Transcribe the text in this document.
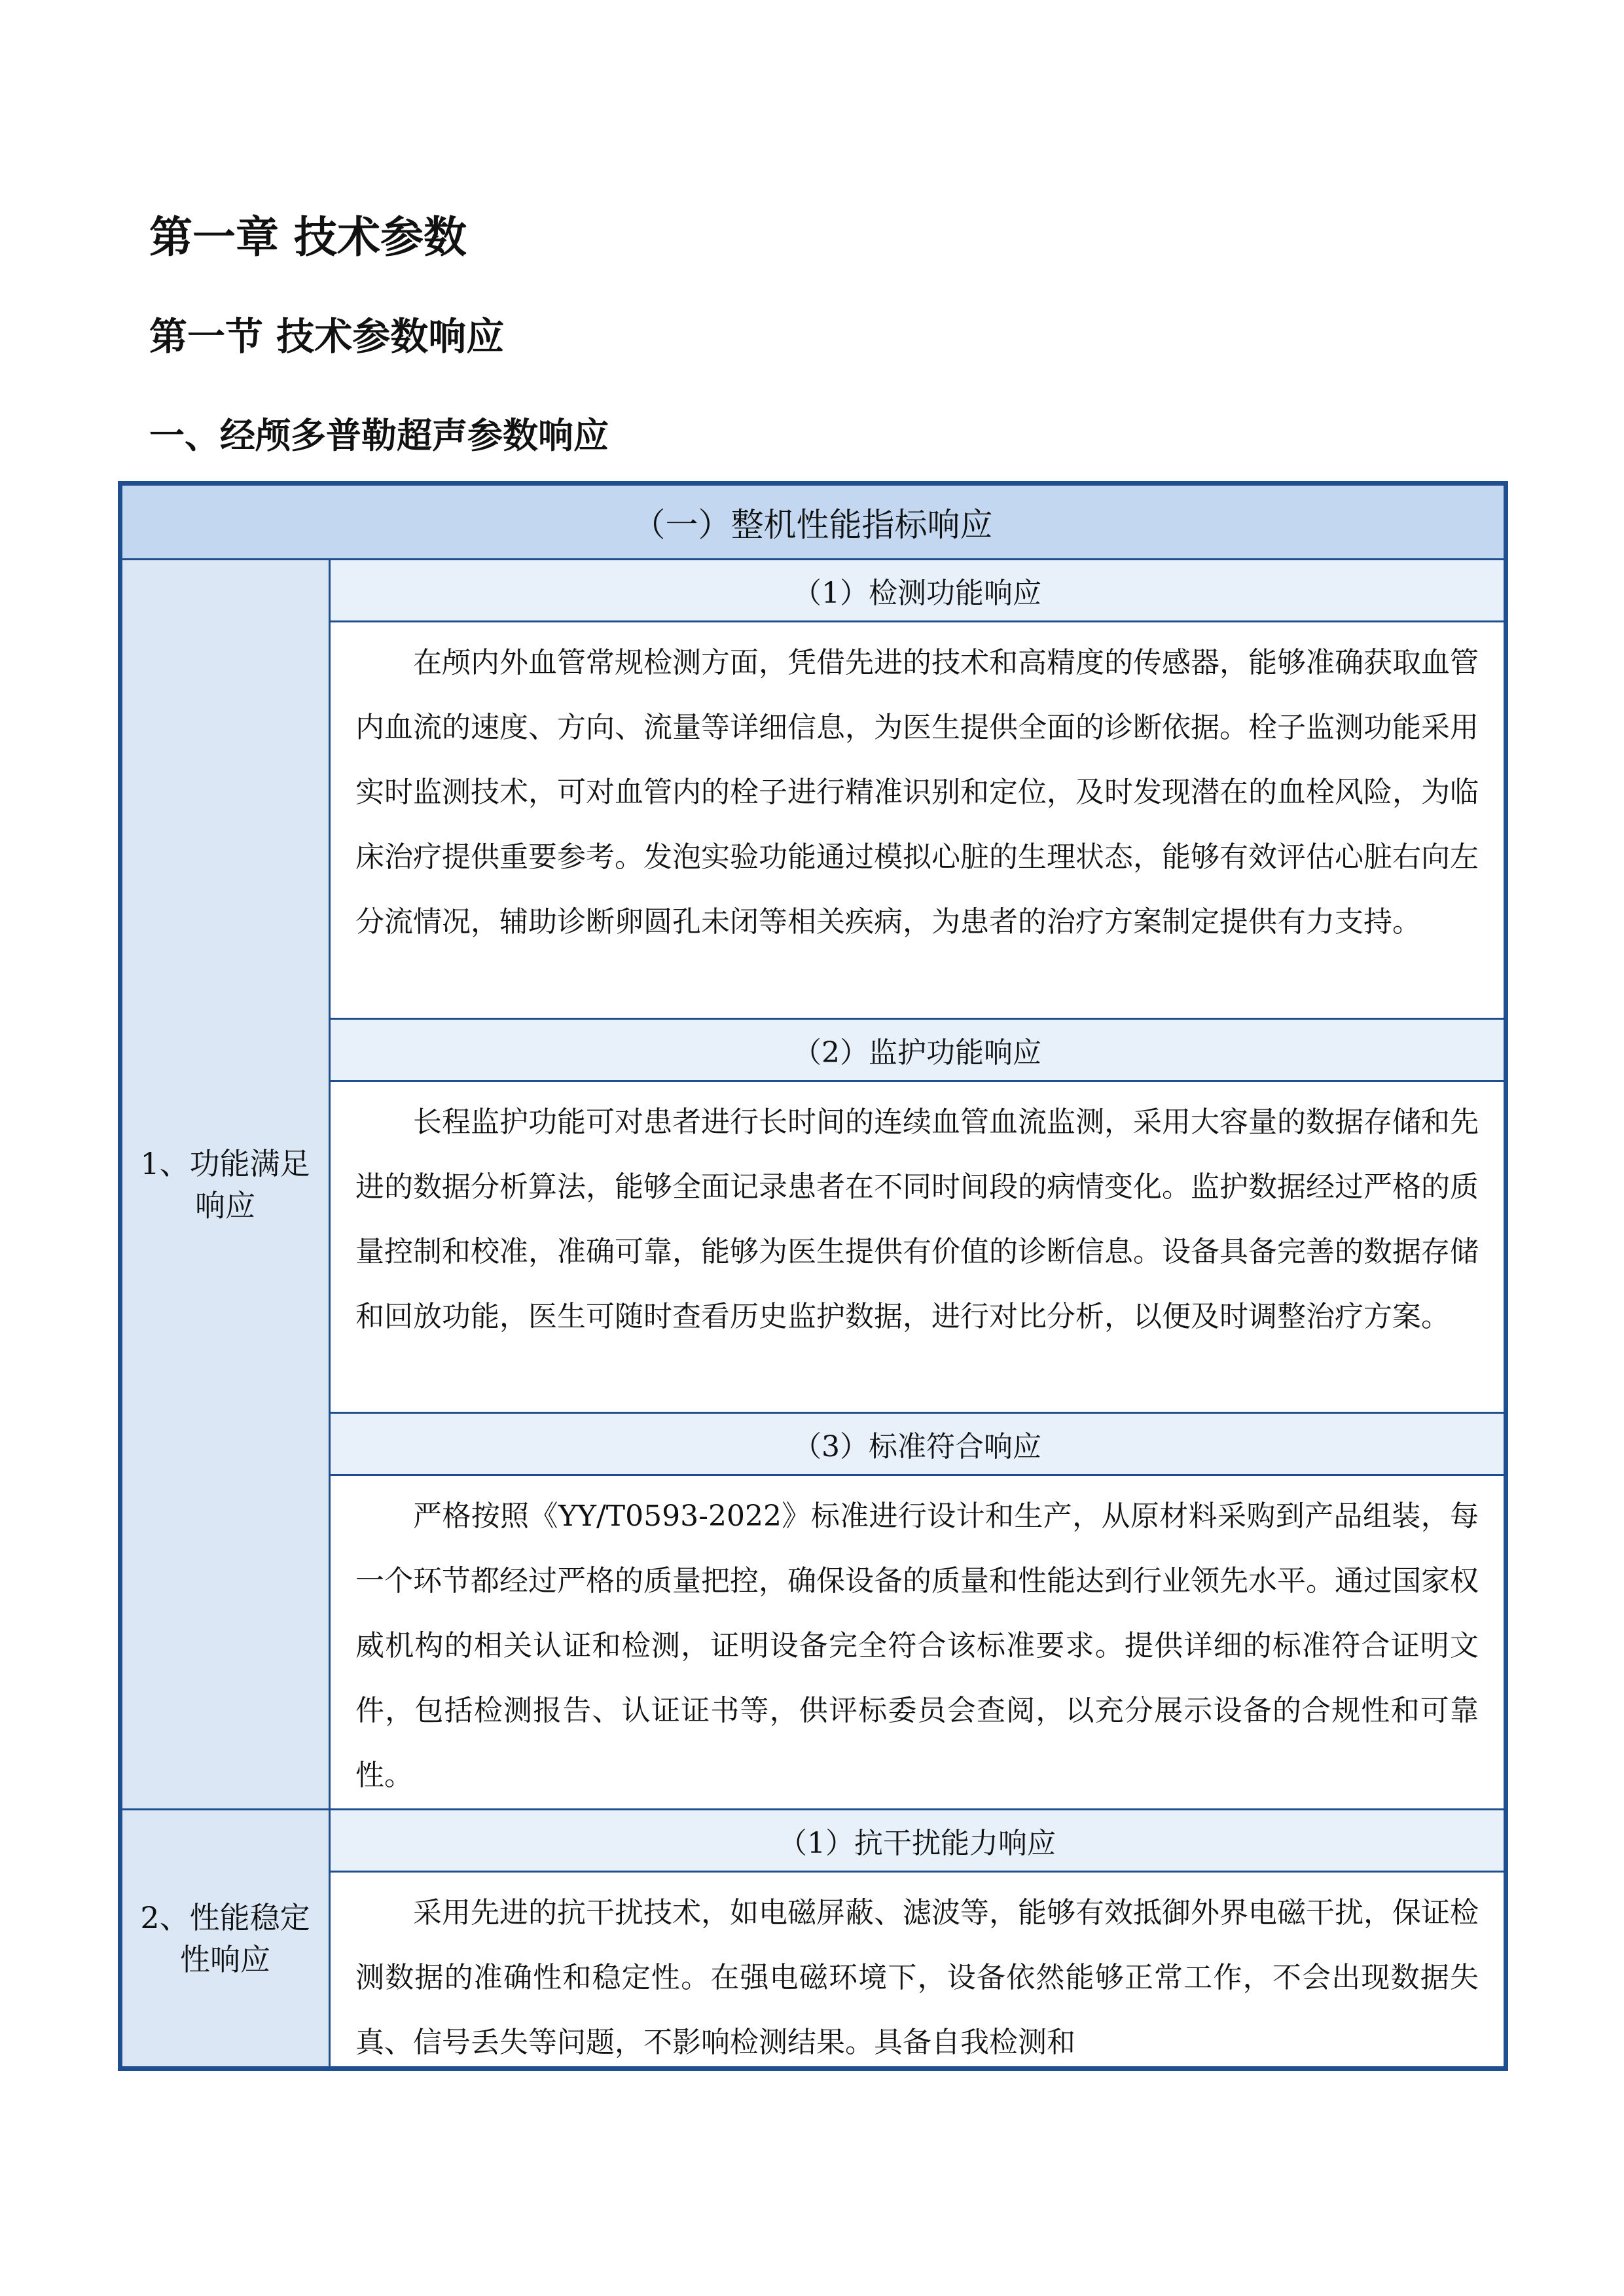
第一章 技术参数
第一节 技术参数响应
一、经颅多普勒超声参数响应
（一）整机性能指标响应
1、功能满足响应
（1）检测功能响应

在颅内外血管常规检测方面，凭借先进的技术和高精度的传感器，能够准确获取血管内血流的速度、方向、流量等详细信息，为医生提供全面的诊断依据。栓子监测功能采用实时监测技术，可对血管内的栓子进行精准识别和定位，及时发现潜在的血栓风险，为临床治疗提供重要参考。发泡实验功能通过模拟心脏的生理状态，能够有效评估心脏右向左分流情况，辅助诊断卵圆孔未闭等相关疾病，为患者的治疗方案制定提供有力支持。

（2）监护功能响应

长程监护功能可对患者进行长时间的连续血管血流监测，采用大容量的数据存储和先进的数据分析算法，能够全面记录患者在不同时间段的病情变化。监护数据经过严格的质量控制和校准，准确可靠，能够为医生提供有价值的诊断信息。设备具备完善的数据存储和回放功能，医生可随时查看历史监护数据，进行对比分析，以便及时调整治疗方案。

（3）标准符合响应

严格按照《YY/T0593-2022》标准进行设计和生产，从原材料采购到产品组装，每一个环节都经过严格的质量把控，确保设备的质量和性能达到行业领先水平。通过国家权威机构的相关认证和检测，证明设备完全符合该标准要求。提供详细的标准符合证明文件，包括检测报告、认证证书等，供评标委员会查阅，以充分展示设备的合规性和可靠性。

2、性能稳定性响应
（1）抗干扰能力响应

采用先进的抗干扰技术，如电磁屏蔽、滤波等，能够有效抵御外界电磁干扰，保证检测数据的准确性和稳定性。在强电磁环境下，设备依然能够正常工作，不会出现数据失真、信号丢失等问题，不影响检测结果。具备自我检测和
